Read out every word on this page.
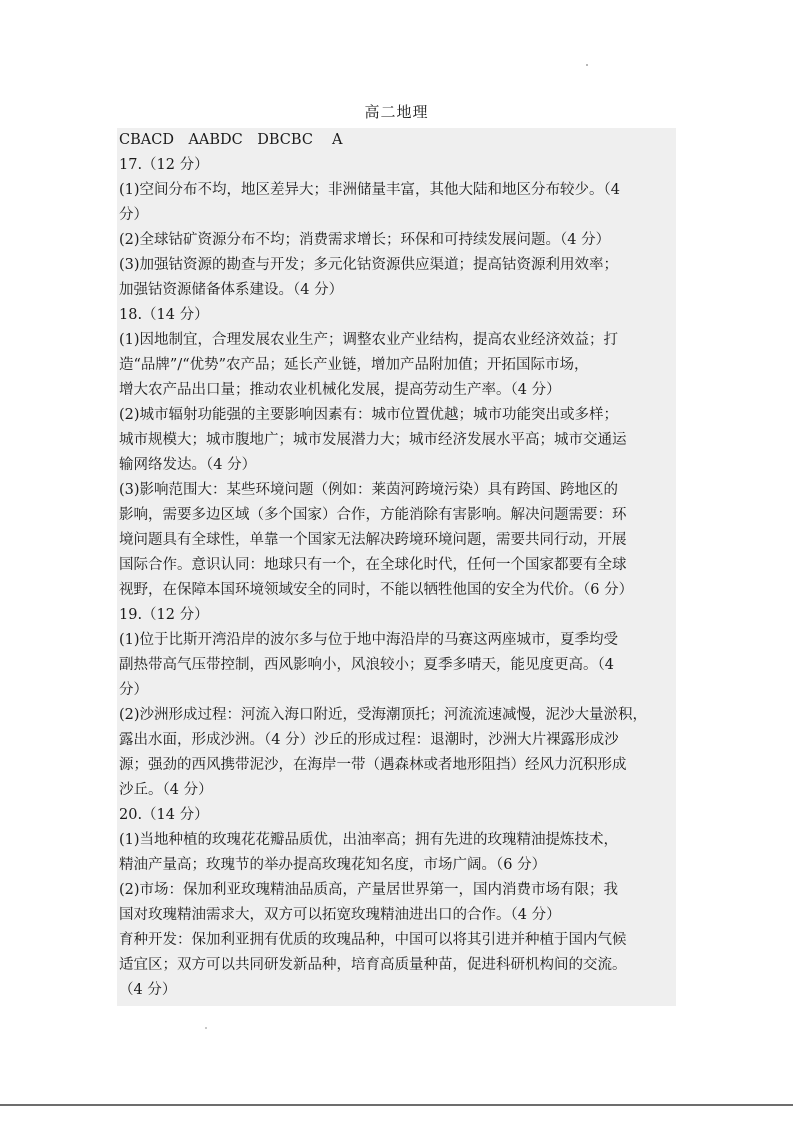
高二地理
CBACD　AABDC　DBCBC　 A
17.（12 分）
(1)空间分布不均，地区差异大；非洲储量丰富，其他大陆和地区分布较少。（4
分）
(2)全球钴矿资源分布不均；消费需求增长；环保和可持续发展问题。（4 分）
(3)加强钴资源的勘查与开发；多元化钴资源供应渠道；提高钴资源利用效率；
加强钴资源储备体系建设。（4 分）
18.（14 分）
(1)因地制宜，合理发展农业生产；调整农业产业结构，提高农业经济效益；打
造“品牌”/“优势”农产品；延长产业链，增加产品附加值；开拓国际市场，
增大农产品出口量；推动农业机械化发展，提高劳动生产率。（4 分）
(2)城市辐射功能强的主要影响因素有：城市位置优越；城市功能突出或多样；
城市规模大；城市腹地广；城市发展潜力大；城市经济发展水平高；城市交通运
输网络发达。（4 分）
(3)影响范围大：某些环境问题（例如：莱茵河跨境污染）具有跨国、跨地区的
影响，需要多边区域（多个国家）合作，方能消除有害影响。解决问题需要：环
境问题具有全球性，单靠一个国家无法解决跨境环境问题，需要共同行动，开展
国际合作。意识认同：地球只有一个，在全球化时代，任何一个国家都要有全球
视野，在保障本国环境领域安全的同时，不能以牺牲他国的安全为代价。（6 分）
19.（12 分）
(1)位于比斯开湾沿岸的波尔多与位于地中海沿岸的马赛这两座城市，夏季均受
副热带高气压带控制，西风影响小，风浪较小；夏季多晴天，能见度更高。（4
分）
(2)沙洲形成过程：河流入海口附近，受海潮顶托；河流流速减慢，泥沙大量淤积，
露出水面，形成沙洲。（4 分）沙丘的形成过程：退潮时，沙洲大片裸露形成沙
源；强劲的西风携带泥沙，在海岸一带（遇森林或者地形阻挡）经风力沉积形成
沙丘。（4 分）
20.（14 分）
(1)当地种植的玫瑰花花瓣品质优，出油率高；拥有先进的玫瑰精油提炼技术，
精油产量高；玫瑰节的举办提高玫瑰花知名度，市场广阔。（6 分）
(2)市场：保加利亚玫瑰精油品质高，产量居世界第一，国内消费市场有限；我
国对玫瑰精油需求大，双方可以拓宽玫瑰精油进出口的合作。（4 分）
育种开发：保加利亚拥有优质的玫瑰品种，中国可以将其引进并种植于国内气候
适宜区；双方可以共同研发新品种，培育高质量种苗，促进科研机构间的交流。
（4 分）
